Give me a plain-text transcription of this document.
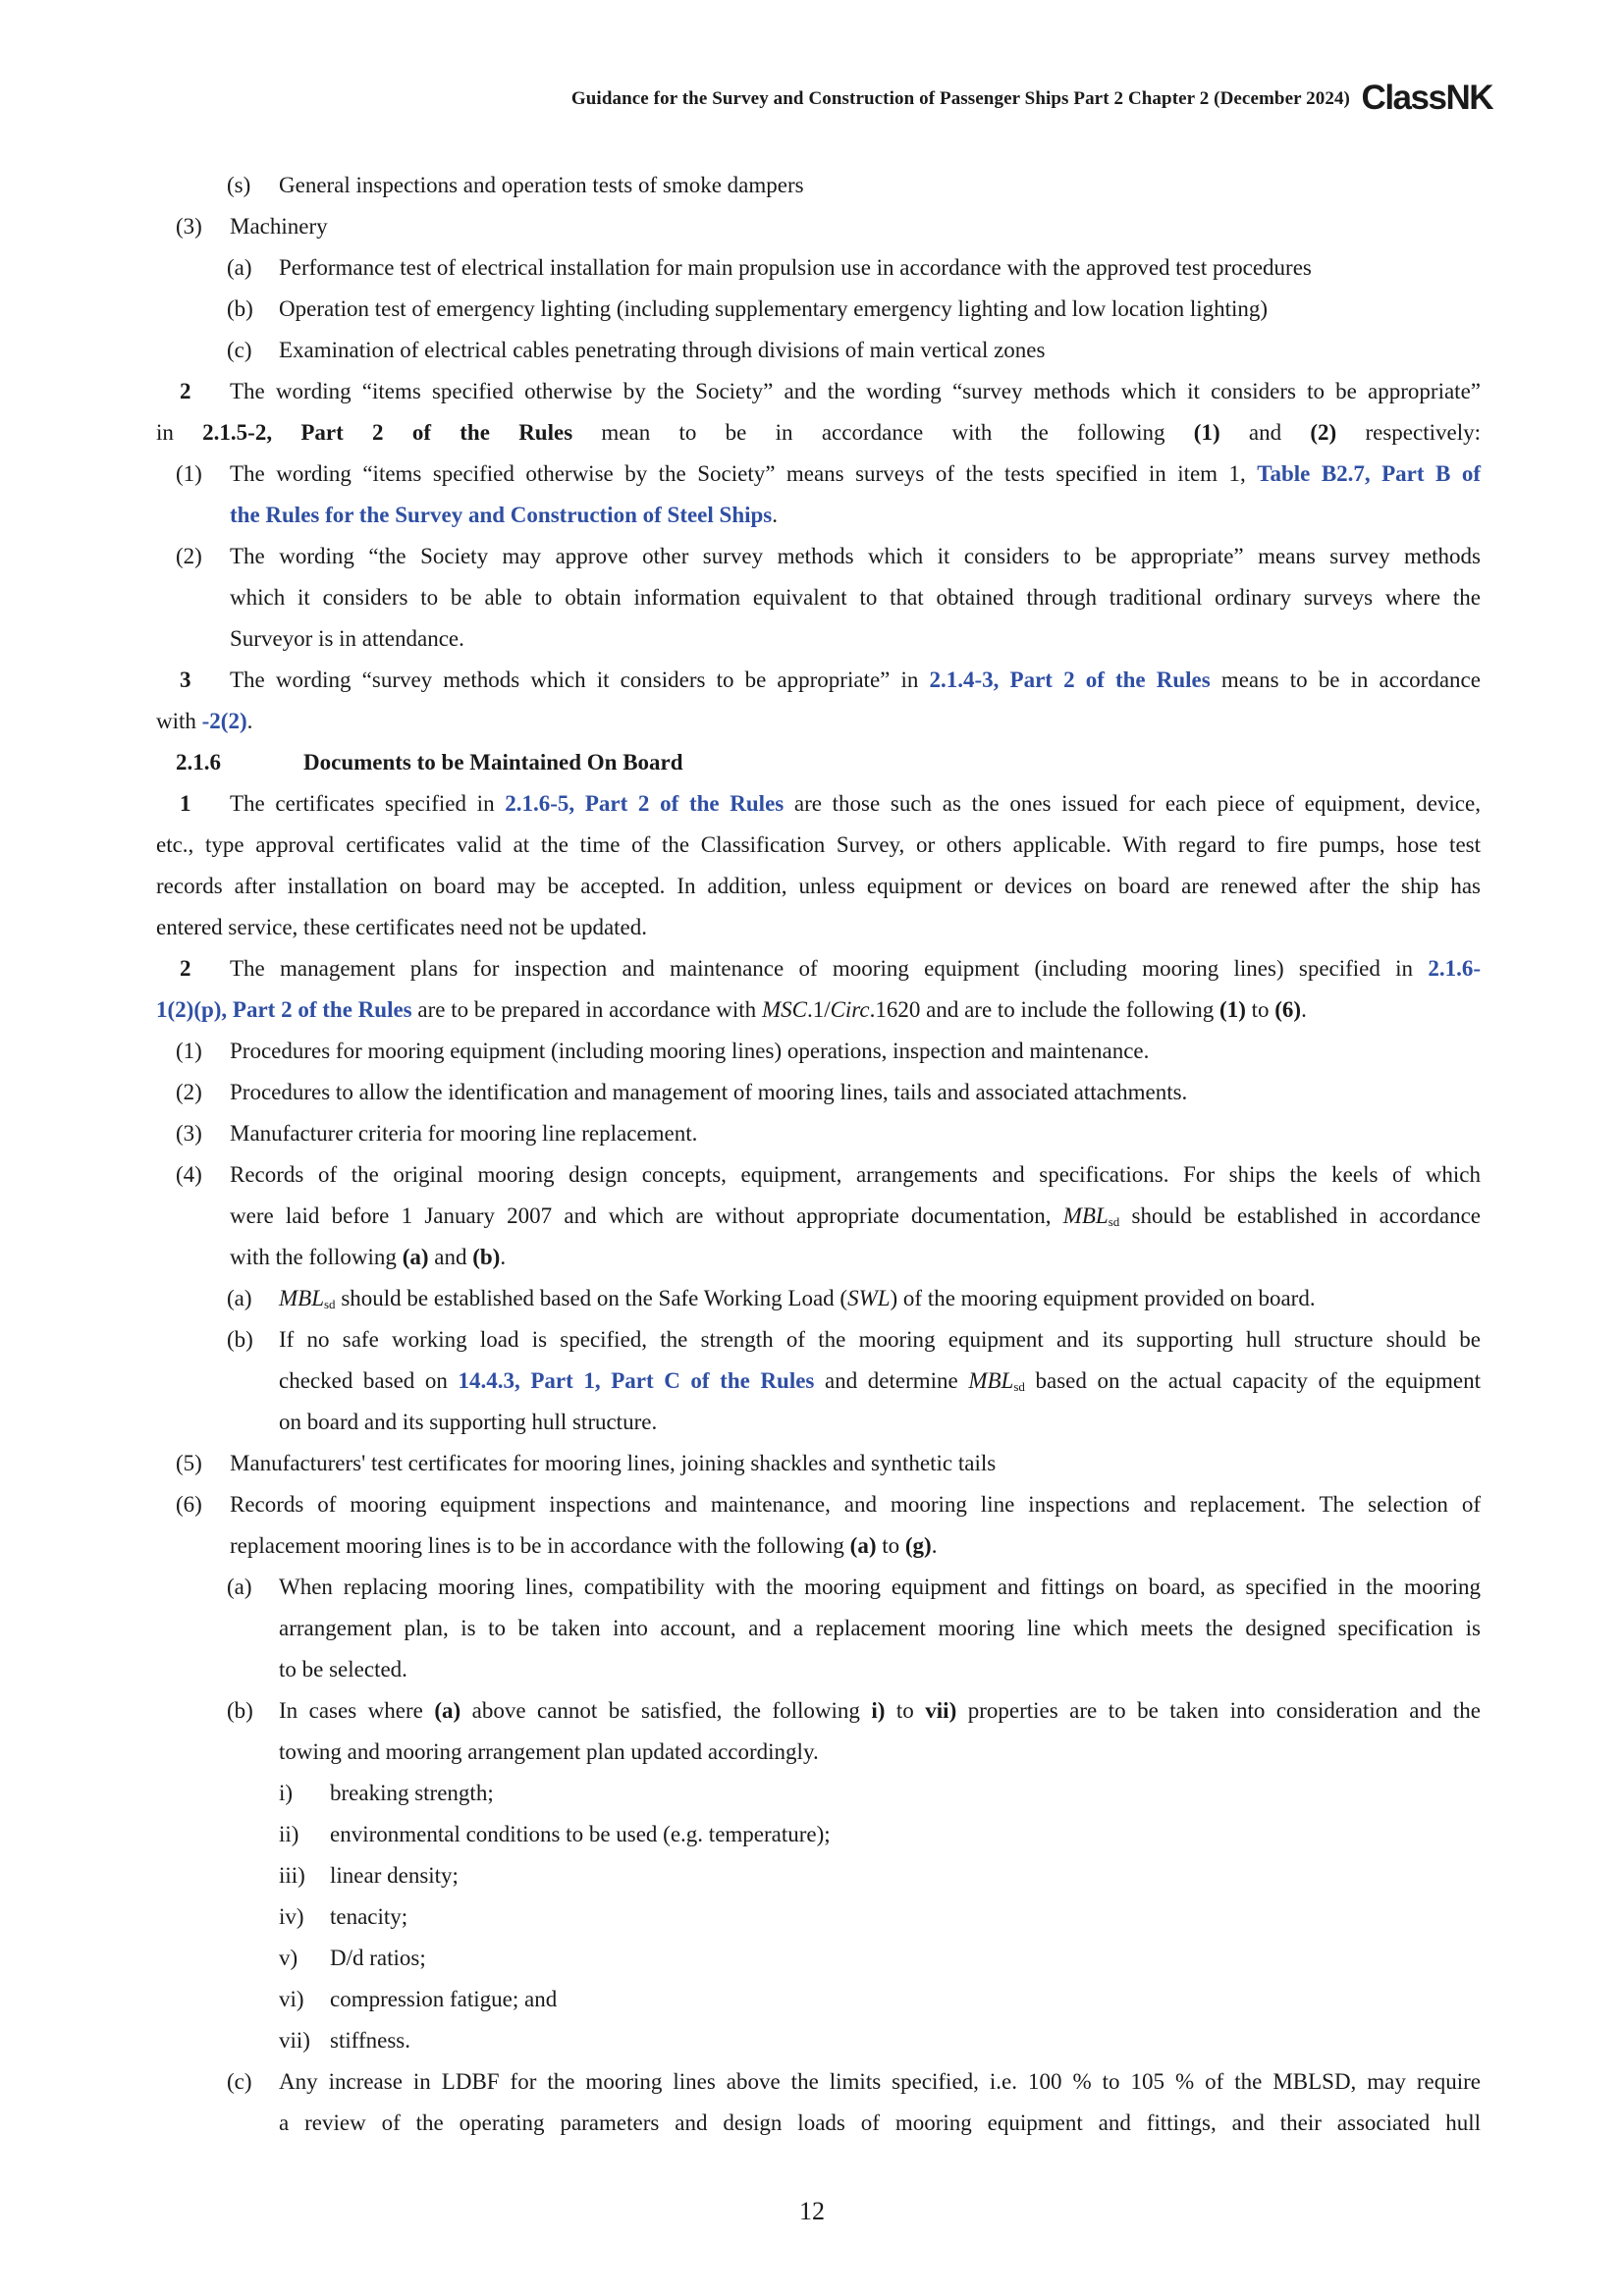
Guidance for the Survey and Construction of Passenger Ships Part 2 Chapter 2 (December 2024) ClassNK
(s) General inspections and operation tests of smoke dampers
(3) Machinery
(a) Performance test of electrical installation for main propulsion use in accordance with the approved test procedures
(b) Operation test of emergency lighting (including supplementary emergency lighting and low location lighting)
(c) Examination of electrical cables penetrating through divisions of main vertical zones
2 The wording “items specified otherwise by the Society” and the wording “survey methods which it considers to be appropriate”
in 2.1.5-2, Part 2 of the Rules mean to be in accordance with the following (1) and (2) respectively:
(1) The wording “items specified otherwise by the Society” means surveys of the tests specified in item 1, Table B2.7, Part B of
the Rules for the Survey and Construction of Steel Ships.
(2) The wording “the Society may approve other survey methods which it considers to be appropriate” means survey methods
which it considers to be able to obtain information equivalent to that obtained through traditional ordinary surveys where the
Surveyor is in attendance.
3 The wording “survey methods which it considers to be appropriate” in 2.1.4-3, Part 2 of the Rules means to be in accordance
with -2(2).
2.1.6	Documents to be Maintained On Board
1 The certificates specified in 2.1.6-5, Part 2 of the Rules are those such as the ones issued for each piece of equipment, device,
etc., type approval certificates valid at the time of the Classification Survey, or others applicable. With regard to fire pumps, hose test
records after installation on board may be accepted. In addition, unless equipment or devices on board are renewed after the ship has
entered service, these certificates need not be updated.
2 The management plans for inspection and maintenance of mooring equipment (including mooring lines) specified in 2.1.6-
1(2)(p), Part 2 of the Rules are to be prepared in accordance with MSC.1/Circ.1620 and are to include the following (1) to (6).
(1) Procedures for mooring equipment (including mooring lines) operations, inspection and maintenance.
(2) Procedures to allow the identification and management of mooring lines, tails and associated attachments.
(3) Manufacturer criteria for mooring line replacement.
(4) Records of the original mooring design concepts, equipment, arrangements and specifications. For ships the keels of which
were laid before 1 January 2007 and which are without appropriate documentation, $MBL_{sd}$ should be established in accordance
with the following (a) and (b).
(a) $MBL_{sd}$ should be established based on the Safe Working Load (SWL) of the mooring equipment provided on board.
(b) If no safe working load is specified, the strength of the mooring equipment and its supporting hull structure should be
checked based on 14.4.3, Part 1, Part C of the Rules and determine $MBL_{sd}$ based on the actual capacity of the equipment
on board and its supporting hull structure.
(5) Manufacturers' test certificates for mooring lines, joining shackles and synthetic tails
(6) Records of mooring equipment inspections and maintenance, and mooring line inspections and replacement. The selection of
replacement mooring lines is to be in accordance with the following (a) to (g).
(a) When replacing mooring lines, compatibility with the mooring equipment and fittings on board, as specified in the mooring
arrangement plan, is to be taken into account, and a replacement mooring line which meets the designed specification is
to be selected.
(b) In cases where (a) above cannot be satisfied, the following i) to vii) properties are to be taken into consideration and the
towing and mooring arrangement plan updated accordingly.
i) breaking strength;
ii) environmental conditions to be used (e.g. temperature);
iii) linear density;
iv) tenacity;
v) D/d ratios;
vi) compression fatigue; and
vii) stiffness.
(c) Any increase in LDBF for the mooring lines above the limits specified, i.e. 100 % to 105 % of the MBLSD, may require
a review of the operating parameters and design loads of mooring equipment and fittings, and their associated hull
12
